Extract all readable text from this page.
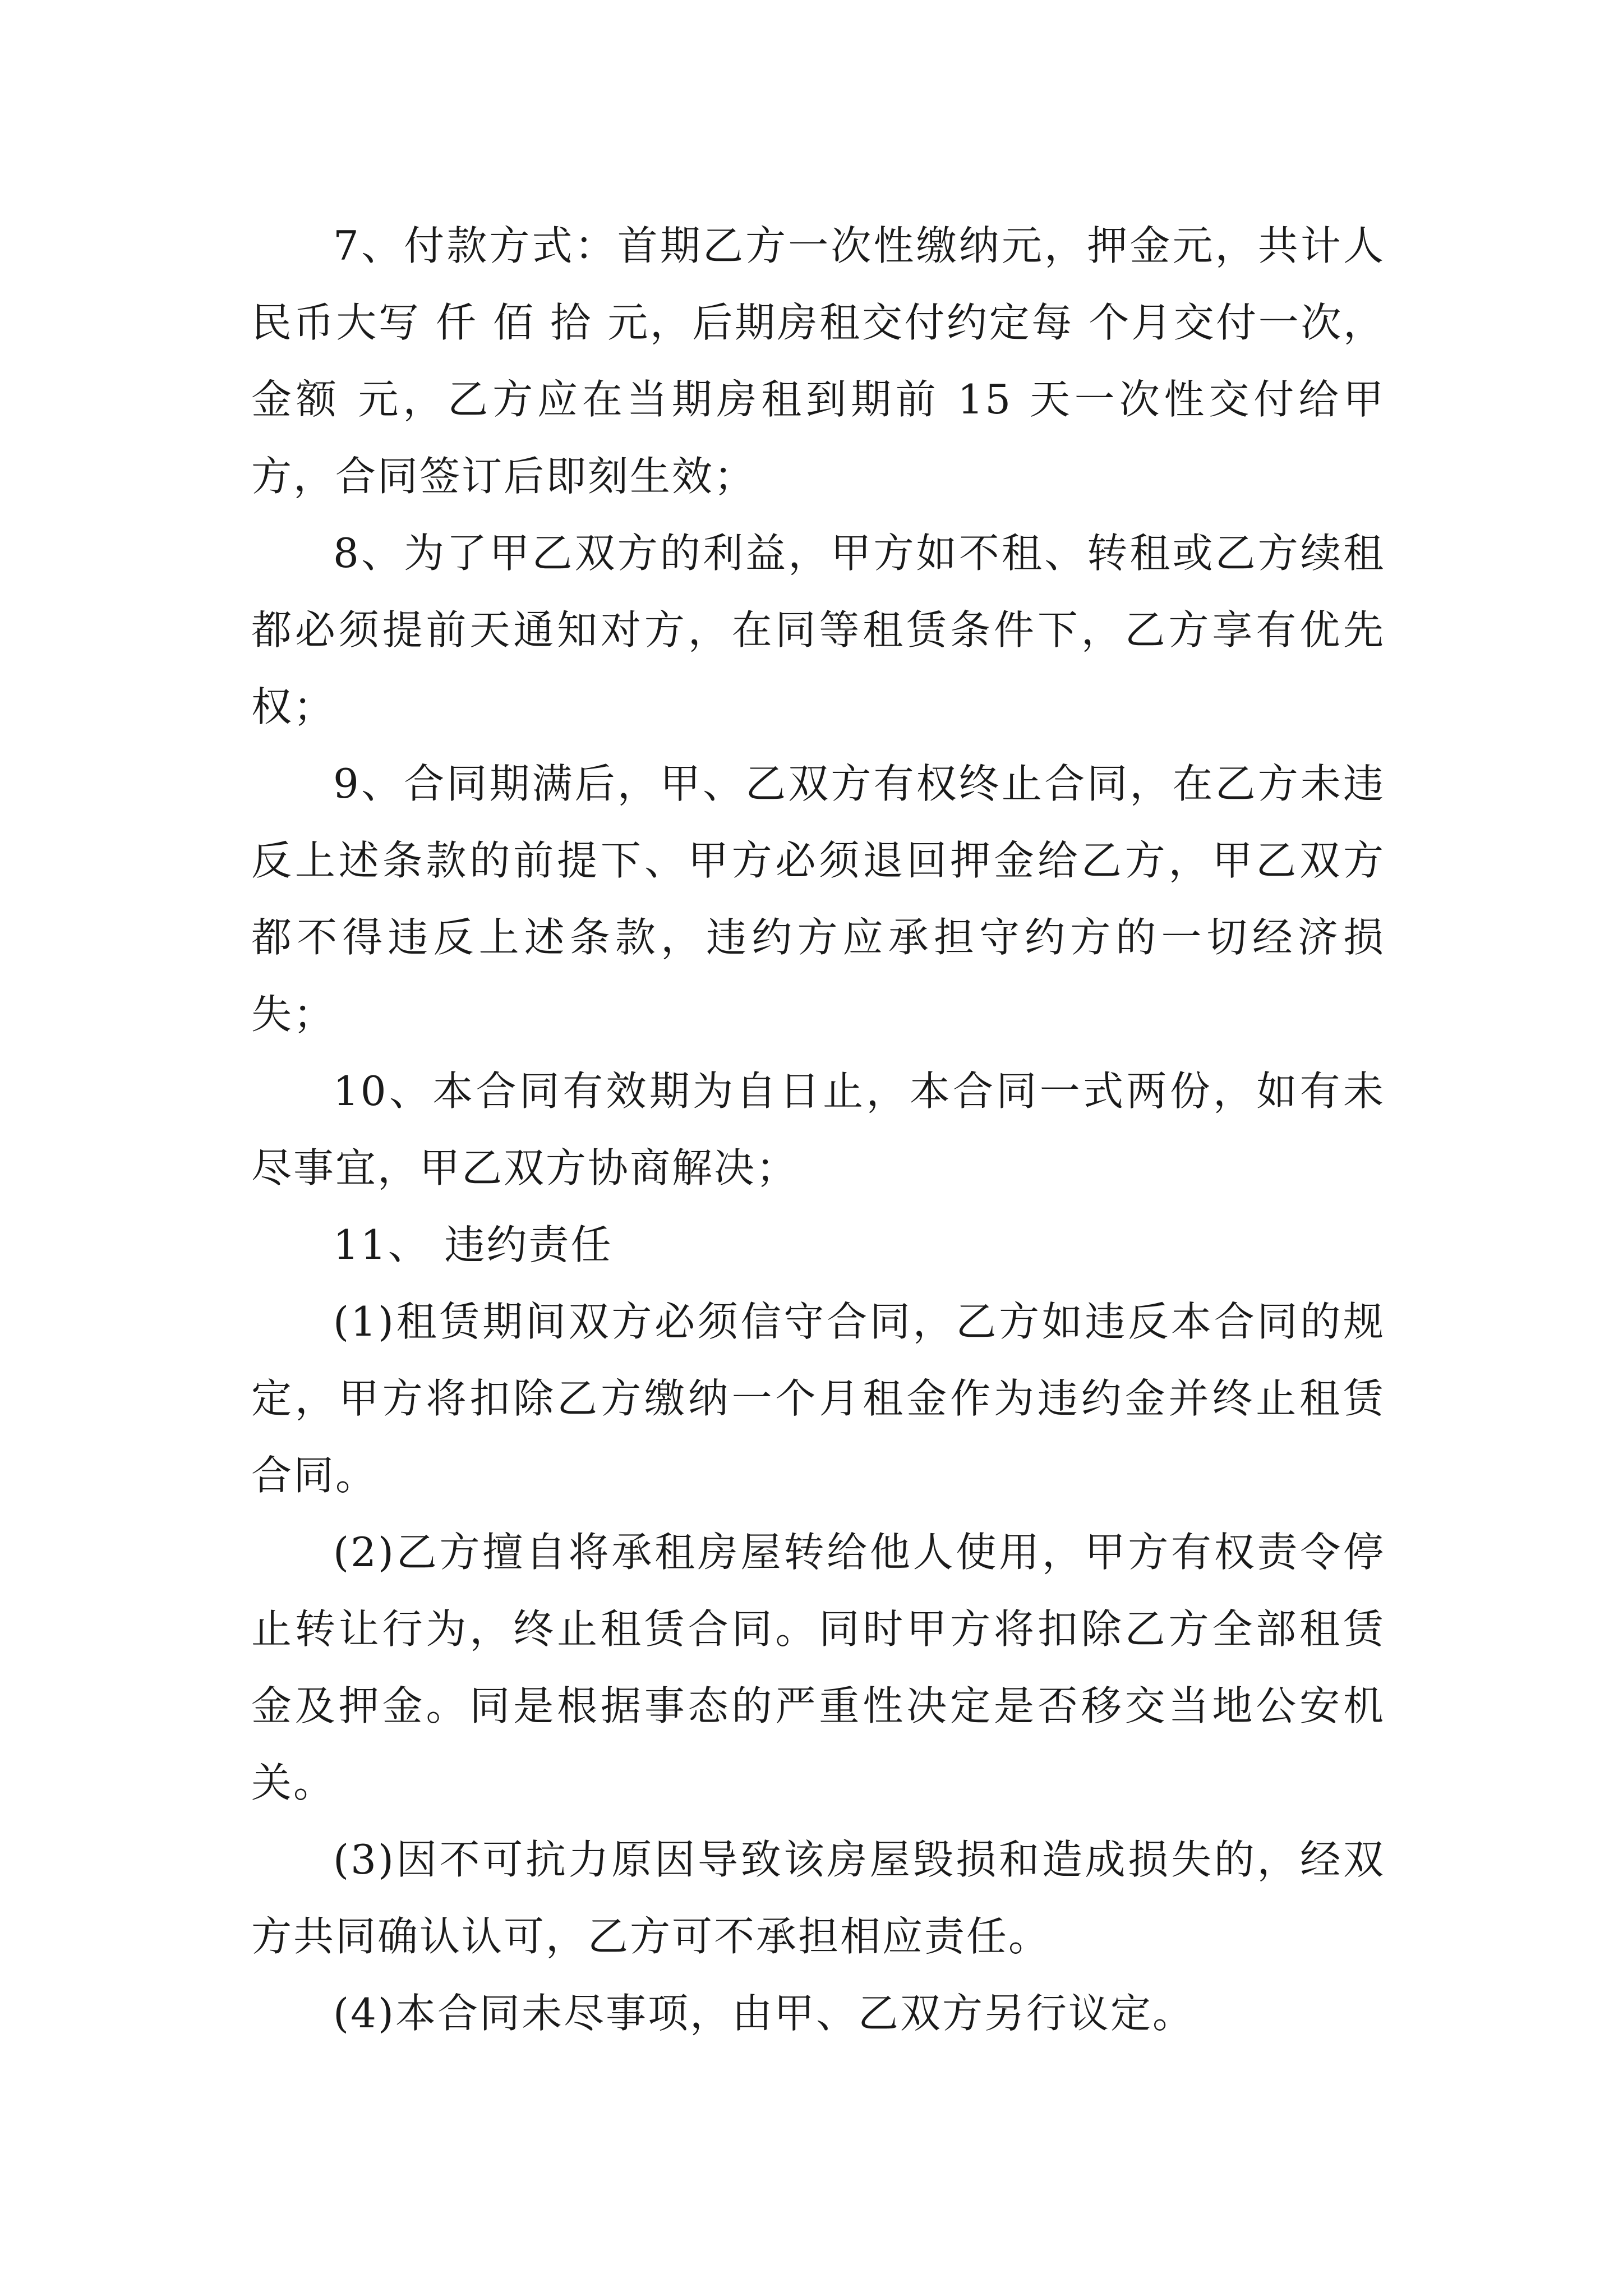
7、付款方式：首期乙方一次性缴纳元，押金元，共计人民币大写 仟 佰 拾 元，后期房租交付约定每 个月交付一次，金额 元，乙方应在当期房租到期前 15 天一次性交付给甲方，合同签订后即刻生效；

8、为了甲乙双方的利益，甲方如不租、转租或乙方续租都必须提前天通知对方，在同等租赁条件下，乙方享有优先权；

9、合同期满后，甲、乙双方有权终止合同，在乙方未违反上述条款的前提下、甲方必须退回押金给乙方，甲乙双方都不得违反上述条款，违约方应承担守约方的一切经济损失；

10、本合同有效期为自日止，本合同一式两份，如有未尽事宜，甲乙双方协商解决；

11、 违约责任

(1)租赁期间双方必须信守合同，乙方如违反本合同的规定，甲方将扣除乙方缴纳一个月租金作为违约金并终止租赁合同。

(2)乙方擅自将承租房屋转给他人使用，甲方有权责令停止转让行为，终止租赁合同。同时甲方将扣除乙方全部租赁金及押金。同是根据事态的严重性决定是否移交当地公安机关。

(3)因不可抗力原因导致该房屋毁损和造成损失的，经双方共同确认认可，乙方可不承担相应责任。

(4)本合同未尽事项，由甲、乙双方另行议定。
